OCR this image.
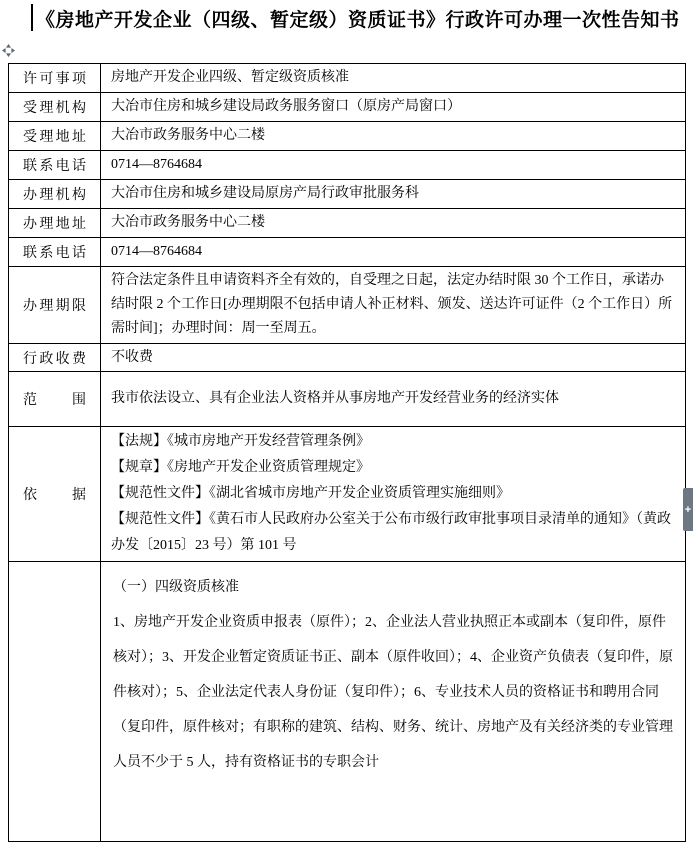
《房地产开发企业（四级、暂定级）资质证书》行政许可办理一次性告知书
许可事项	房地产开发企业四级、暂定级资质核准
受理机构	大冶市住房和城乡建设局政务服务窗口（原房产局窗口）
受理地址	大冶市政务服务中心二楼
联系电话	0714—8764684
办理机构	大冶市住房和城乡建设局原房产局行政审批服务科
办理地址	大冶市政务服务中心二楼
联系电话	0714—8764684
办理期限	符合法定条件且申请资料齐全有效的，自受理之日起，法定办结时限 30 个工作日，承诺办结时限 2 个工作日[办理期限不包括申请人补正材料、颁发、送达许可证件（2 个工作日）所需时间]；办理时间：周一至周五。
行政收费	不收费
范围	我市依法设立、具有企业法人资格并从事房地产开发经营业务的经济实体
依据	【法规】《城市房地产开发经营管理条例》
【规章】《房地产开发企业资质管理规定》
【规范性文件】《湖北省城市房地产开发企业资质管理实施细则》
【规范性文件】《黄石市人民政府办公室关于公布市级行政审批事项目录清单的通知》（黄政办发〔2015〕23 号）第 101 号

	（一）四级资质核准
1、房地产开发企业资质申报表（原件）；2、企业法人营业执照正本或副本（复印件，原件核对）；3、开发企业暂定资质证书正、副本（原件收回）；4、企业资产负债表（复印件，原件核对）；5、企业法定代表人身份证（复印件）；6、专业技术人员的资格证书和聘用合同（复印件，原件核对；有职称的建筑、结构、财务、统计、房地产及有关经济类的专业管理人员不少于 5 人，持有资格证书的专职会计
+
